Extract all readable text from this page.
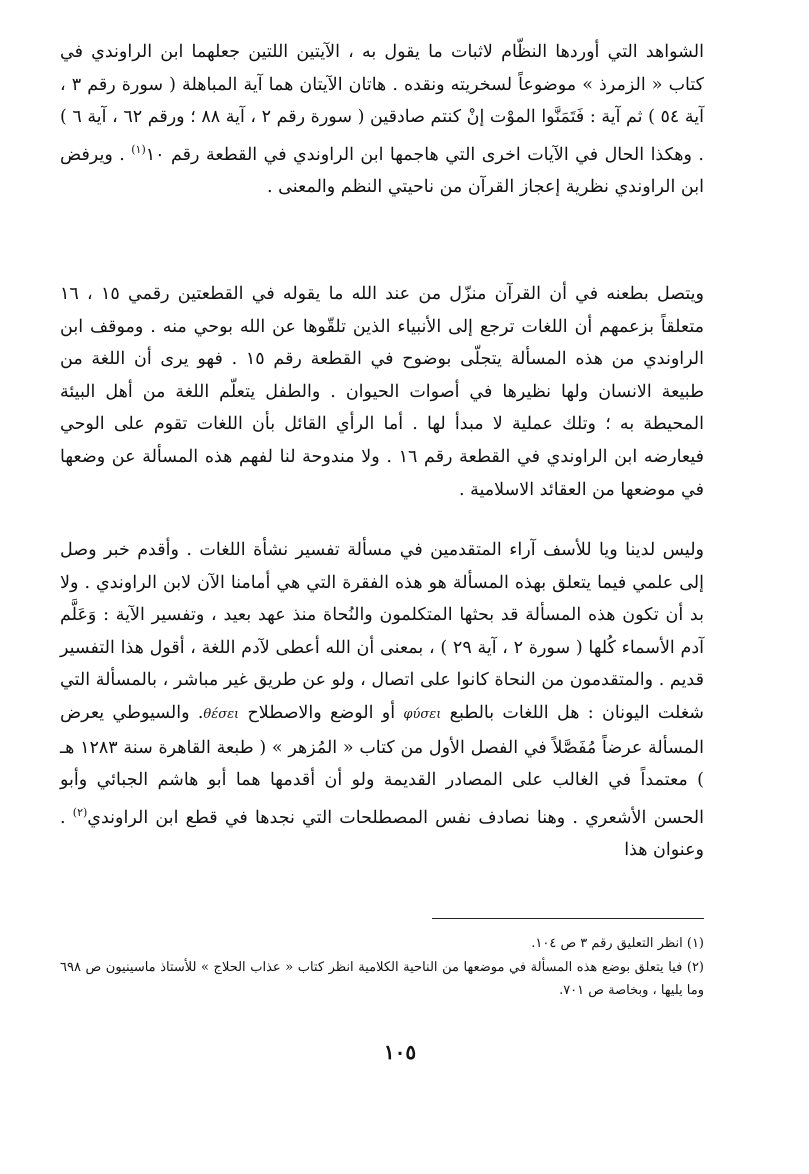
الشواهد التي أوردها النظّام لاثبات ما يقول به ، الآيتين اللتين جعلهما ابن الراوندي في كتاب « الزمرذ » موضوعاً لسخريته ونقده . هاتان الآيتان هما آية المباهلة ( سورة رقم ٣ ، آية ٥٤ ) ثم آية : فَتَمَنَّوا الموْت إنْ كنتم صادقين ( سورة رقم ٢ ، آية ٨٨ ؛ ورقم ٦٢ ، آية ٦ ) . وهكذا الحال في الآيات اخرى التي هاجمها ابن الراوندي في القطعة رقم ١٠$^{(١)}$ . ويرفض ابن الراوندي نظرية إعجاز القرآن من ناحيتي النظم والمعنى .

ويتصل بطعنه في أن القرآن منزّل من عند الله ما يقوله في القطعتين رقمي ١٥ ، ١٦ متعلقاً بزعمهم أن اللغات ترجع إلى الأنبياء الذين تلقّوها عن الله بوحي منه . وموقف ابن الراوندي من هذه المسألة يتجلّى بوضوح في القطعة رقم ١٥ . فهو يرى أن اللغة من طبيعة الانسان ولها نظيرها في أصوات الحيوان . والطفل يتعلّم اللغة من أهل البيئة المحيطة به ؛ وتلك عملية لا مبدأ لها . أما الرأي القائل بأن اللغات تقوم على الوحي فيعارضه ابن الراوندي في القطعة رقم ١٦ . ولا مندوحة لنا لفهم هذه المسألة عن وضعها في موضعها من العقائد الاسلامية .

وليس لدينا ويا للأسف آراء المتقدمين في مسألة تفسير نشأة اللغات . وأقدم خبر وصل إلى علمي فيما يتعلق بهذه المسألة هو هذه الفقرة التي هي أمامنا الآن لابن الراوندي . ولا بد أن تكون هذه المسألة قد بحثها المتكلمون والنُحاة منذ عهد بعيد ، وتفسير الآية : وَعَلَّم آدم الأسماء كُلها ( سورة ٢ ، آية ٢٩ ) ، بمعنى أن الله أعطى لآدم اللغة ، أقول هذا التفسير قديم . والمتقدمون من النحاة كانوا على اتصال ، ولو عن طريق غير مباشر ، بالمسألة التي شغلت اليونان : هل اللغات بالطبع φύσει أو الوضع والاصطلاح θέσει. والسيوطي يعرض المسألة عرضاً مُفَصَّلاً في الفصل الأول من كتاب « المُزهر » ( طبعة القاهرة سنة ١٢٨٣ هـ ) معتمداً في الغالب على المصادر القديمة ولو أن أقدمها هما أبو هاشم الجبائي وأبو الحسن الأشعري . وهنا نصادف نفس المصطلحات التي نجدها في قطع ابن الراوندي$^{(٢)}$ . وعنوان هذا

(١) انظر التعليق رقم ٣ ص ١٠٤.

(٢) فيا يتعلق بوضع هذه المسألة في موضعها من الناحية الكلامية انظر كتاب « عذاب الحلاج » للأستاذ ماسينيون ص ٦٩٨ وما يليها ، وبخاصة ص ٧٠١.

١٠٥
